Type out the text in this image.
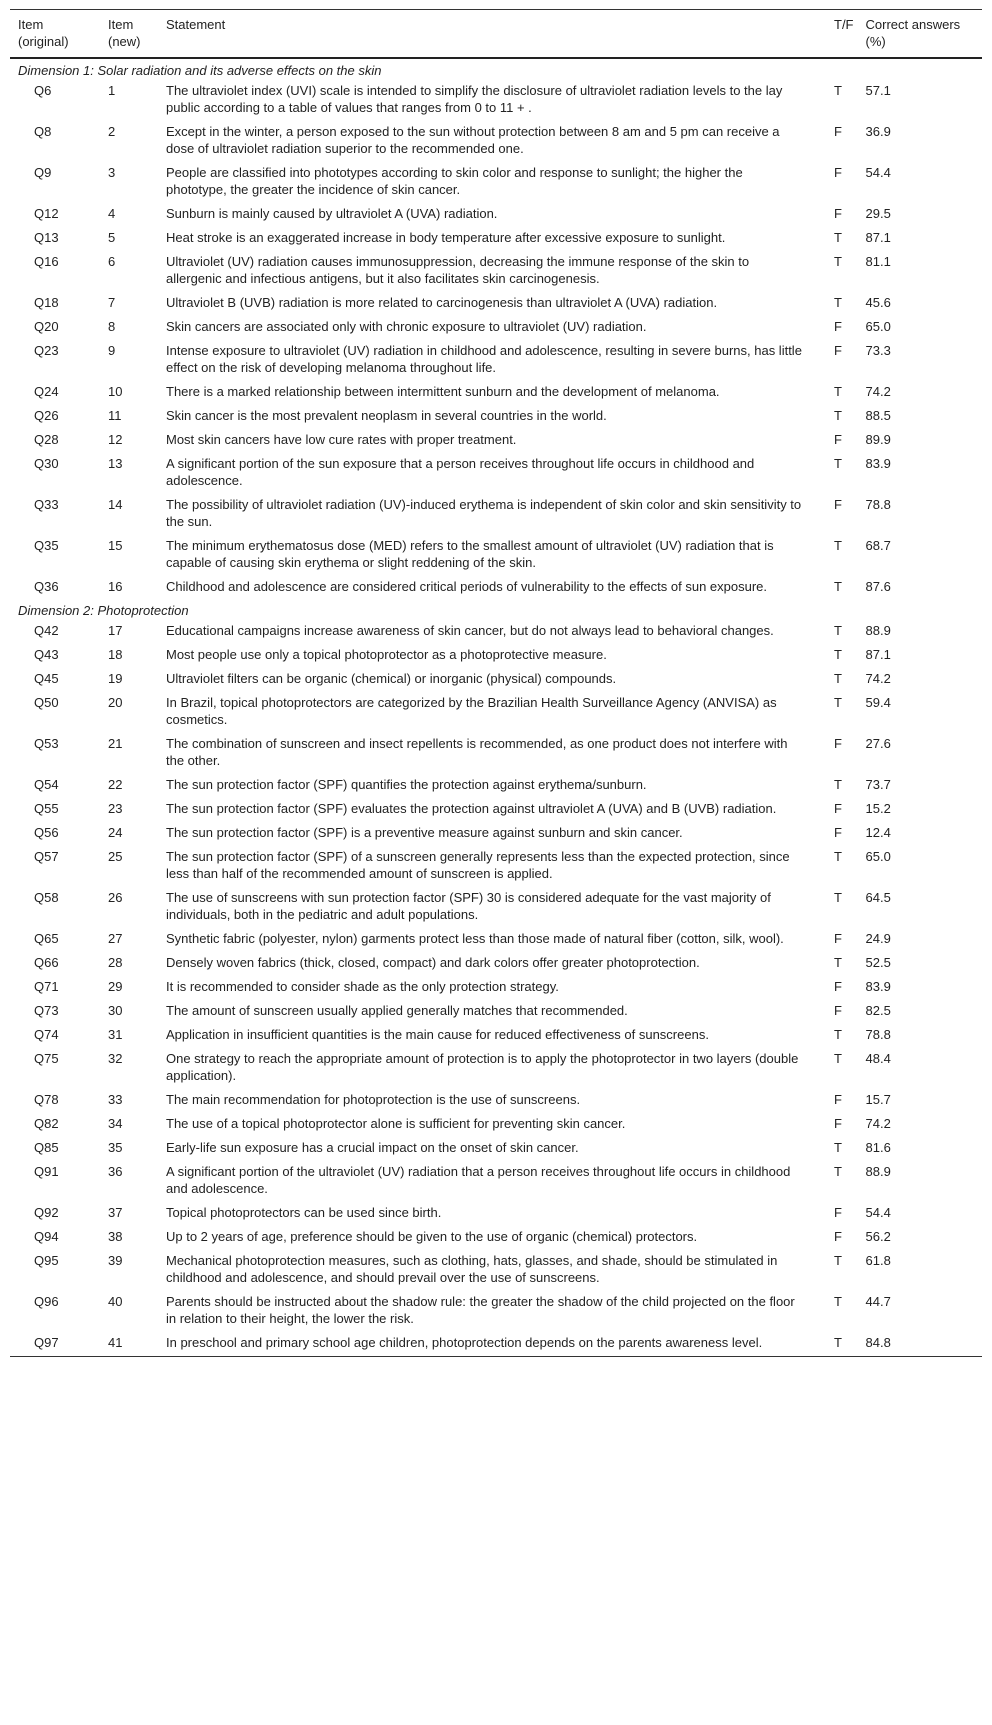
Item (original)	Item (new)	Statement	T/F	Correct answers (%)
Dimension 1: Solar radiation and its adverse effects on the skin				
Q6	1	The ultraviolet index (UVI) scale is intended to simplify the disclosure of ultraviolet radiation levels to the lay public according to a table of values that ranges from 0 to 11 + .	T	57.1
Q8	2	Except in the winter, a person exposed to the sun without protection between 8 am and 5 pm can receive a dose of ultraviolet radiation superior to the recommended one.	F	36.9
Q9	3	People are classified into phototypes according to skin color and response to sunlight; the higher the phototype, the greater the incidence of skin cancer.	F	54.4
Q12	4	Sunburn is mainly caused by ultraviolet A (UVA) radiation.	F	29.5
Q13	5	Heat stroke is an exaggerated increase in body temperature after excessive exposure to sunlight.	T	87.1
Q16	6	Ultraviolet (UV) radiation causes immunosuppression, decreasing the immune response of the skin to allergenic and infectious antigens, but it also facilitates skin carcinogenesis.	T	81.1
Q18	7	Ultraviolet B (UVB) radiation is more related to carcinogenesis than ultraviolet A (UVA) radiation.	T	45.6
Q20	8	Skin cancers are associated only with chronic exposure to ultraviolet (UV) radiation.	F	65.0
Q23	9	Intense exposure to ultraviolet (UV) radiation in childhood and adolescence, resulting in severe burns, has little effect on the risk of developing melanoma throughout life.	F	73.3
Q24	10	There is a marked relationship between intermittent sunburn and the development of melanoma.	T	74.2
Q26	11	Skin cancer is the most prevalent neoplasm in several countries in the world.	T	88.5
Q28	12	Most skin cancers have low cure rates with proper treatment.	F	89.9
Q30	13	A significant portion of the sun exposure that a person receives throughout life occurs in childhood and adolescence.	T	83.9
Q33	14	The possibility of ultraviolet radiation (UV)-induced erythema is independent of skin color and skin sensitivity to the sun.	F	78.8
Q35	15	The minimum erythematosus dose (MED) refers to the smallest amount of ultraviolet (UV) radiation that is capable of causing skin erythema or slight reddening of the skin.	T	68.7
Q36	16	Childhood and adolescence are considered critical periods of vulnerability to the effects of sun exposure.	T	87.6
Dimension 2: Photoprotection				
Q42	17	Educational campaigns increase awareness of skin cancer, but do not always lead to behavioral changes.	T	88.9
Q43	18	Most people use only a topical photoprotector as a photoprotective measure.	T	87.1
Q45	19	Ultraviolet filters can be organic (chemical) or inorganic (physical) compounds.	T	74.2
Q50	20	In Brazil, topical photoprotectors are categorized by the Brazilian Health Surveillance Agency (ANVISA) as cosmetics.	T	59.4
Q53	21	The combination of sunscreen and insect repellents is recommended, as one product does not interfere with the other.	F	27.6
Q54	22	The sun protection factor (SPF) quantifies the protection against erythema/sunburn.	T	73.7
Q55	23	The sun protection factor (SPF) evaluates the protection against ultraviolet A (UVA) and B (UVB) radiation.	F	15.2
Q56	24	The sun protection factor (SPF) is a preventive measure against sunburn and skin cancer.	F	12.4
Q57	25	The sun protection factor (SPF) of a sunscreen generally represents less than the expected protection, since less than half of the recommended amount of sunscreen is applied.	T	65.0
Q58	26	The use of sunscreens with sun protection factor (SPF) 30 is considered adequate for the vast majority of individuals, both in the pediatric and adult populations.	T	64.5
Q65	27	Synthetic fabric (polyester, nylon) garments protect less than those made of natural fiber (cotton, silk, wool).	F	24.9
Q66	28	Densely woven fabrics (thick, closed, compact) and dark colors offer greater photoprotection.	T	52.5
Q71	29	It is recommended to consider shade as the only protection strategy.	F	83.9
Q73	30	The amount of sunscreen usually applied generally matches that recommended.	F	82.5
Q74	31	Application in insufficient quantities is the main cause for reduced effectiveness of sunscreens.	T	78.8
Q75	32	One strategy to reach the appropriate amount of protection is to apply the photoprotector in two layers (double application).	T	48.4
Q78	33	The main recommendation for photoprotection is the use of sunscreens.	F	15.7
Q82	34	The use of a topical photoprotector alone is sufficient for preventing skin cancer.	F	74.2
Q85	35	Early-life sun exposure has a crucial impact on the onset of skin cancer.	T	81.6
Q91	36	A significant portion of the ultraviolet (UV) radiation that a person receives throughout life occurs in childhood and adolescence.	T	88.9
Q92	37	Topical photoprotectors can be used since birth.	F	54.4
Q94	38	Up to 2 years of age, preference should be given to the use of organic (chemical) protectors.	F	56.2
Q95	39	Mechanical photoprotection measures, such as clothing, hats, glasses, and shade, should be stimulated in childhood and adolescence, and should prevail over the use of sunscreens.	T	61.8
Q96	40	Parents should be instructed about the shadow rule: the greater the shadow of the child projected on the floor in relation to their height, the lower the risk.	T	44.7
Q97	41	In preschool and primary school age children, photoprotection depends on the parents awareness level.	T	84.8
